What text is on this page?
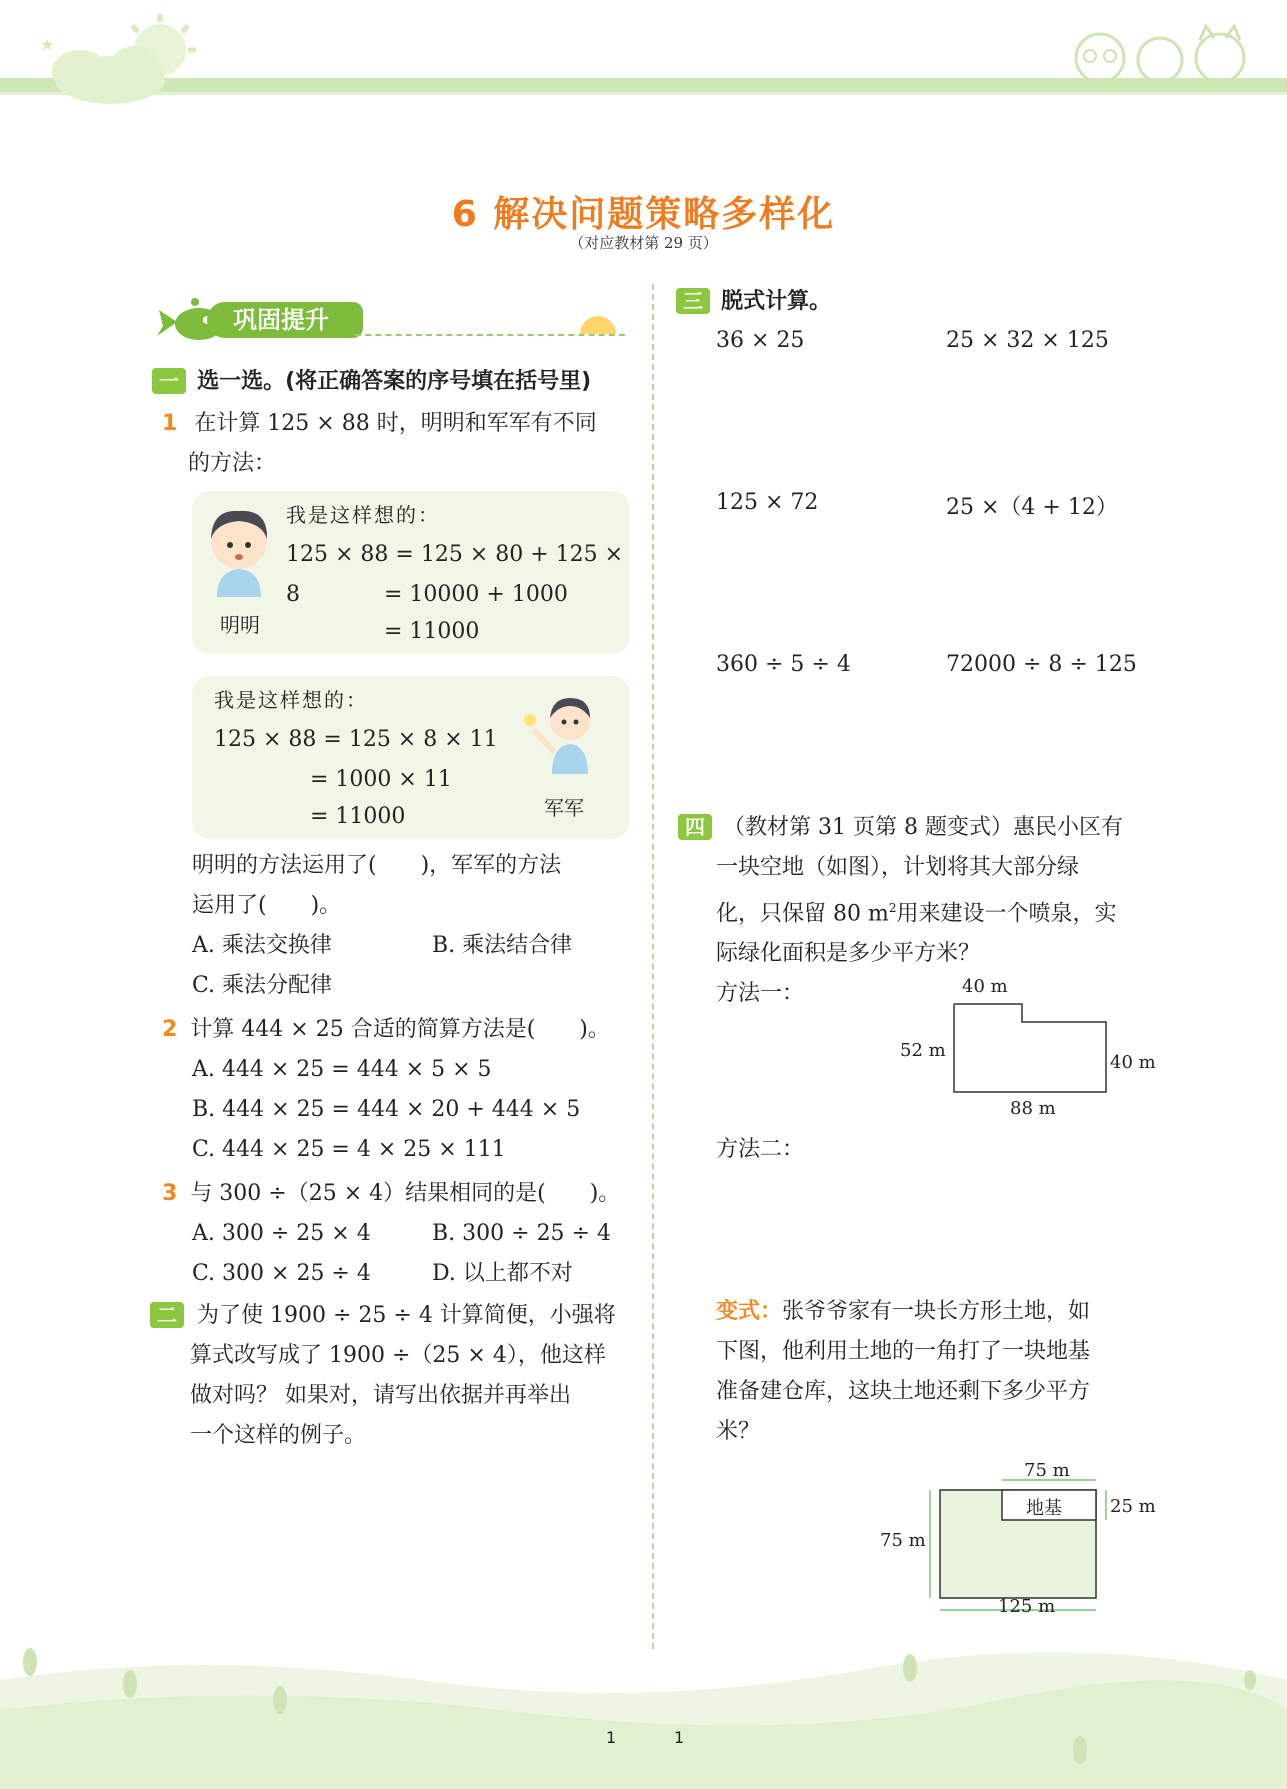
★
6 解决问题策略多样化
（对应教材第 29 页）
巩固提升
一 选一选。(将正确答案的序号填在括号里)
1 在计算 125 × 88 时，明明和军军有不同
的方法：
明明
我是这样想的：
125 × 88 = 125 × 80 + 125 × 8	= 10000 + 1000
= 11000
我是这样想的：
125 × 88 = 125 × 8 × 11
= 1000 × 11
= 11000	军军
明明的方法运用了( )，军军的方法
运用了( )。
A. 乘法交换律	B. 乘法结合律
C. 乘法分配律
2 计算 444 × 25 合适的简算方法是( )。
A. 444 × 25 = 444 × 5 × 5
B. 444 × 25 = 444 × 20 + 444 × 5
C. 444 × 25 = 4 × 25 × 111
3 与 300 ÷（25 × 4）结果相同的是( )。
A. 300 ÷ 25 × 4	B. 300 ÷ 25 ÷ 4
C. 300 × 25 ÷ 4	D. 以上都不对
二 为了使 1900 ÷ 25 ÷ 4 计算简便，小强将
算式改写成了 1900 ÷（25 × 4），他这样
做对吗？ 如果对，请写出依据并再举出
一个这样的例子。
三 脱式计算。
36 × 25	25 × 32 × 125
125 × 72	25 ×（4 + 12）
360 ÷ 5 ÷ 4	72000 ÷ 8 ÷ 125
四 （教材第 31 页第 8 题变式）惠民小区有
一块空地（如图），计划将其大部分绿
化，只保留 80 $m^2$用来建设一个喷泉，实
际绿化面积是多少平方米？
方法一：	40 m
52 m
40 m
88 m
方法二：
变式：张爷爷家有一块长方形土地，如
下图，他利用土地的一角打了一块地基
准备建仓库，这块土地还剩下多少平方
米？
75 m
地基	25 m
75 m
125 m
1	1
